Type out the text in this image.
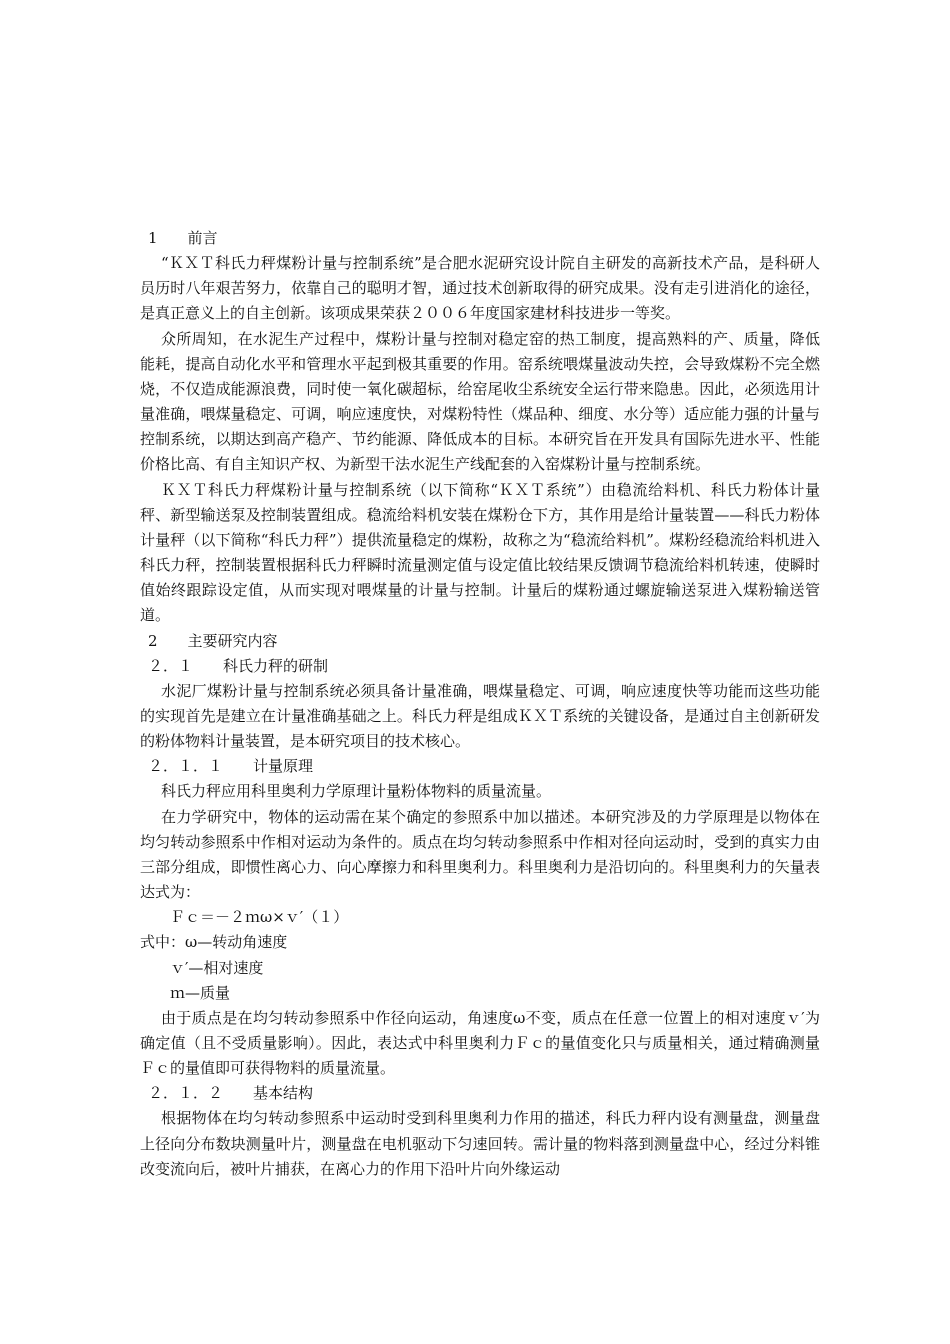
1　　前言

“ＫＸＴ科氏力秤煤粉计量与控制系统”是合肥水泥研究设计院自主研发的高新技术产品，是科研人员历时八年艰苦努力，依靠自己的聪明才智，通过技术创新取得的研究成果。没有走引进消化的途径，是真正意义上的自主创新。该项成果荣获２００６年度国家建材科技进步一等奖。

众所周知，在水泥生产过程中，煤粉计量与控制对稳定窑的热工制度，提高熟料的产、质量，降低能耗，提高自动化水平和管理水平起到极其重要的作用。窑系统喂煤量波动失控，会导致煤粉不完全燃烧，不仅造成能源浪费，同时使一氧化碳超标，给窑尾收尘系统安全运行带来隐患。因此，必须选用计量准确，喂煤量稳定、可调，响应速度快，对煤粉特性（煤品种、细度、水分等）适应能力强的计量与控制系统，以期达到高产稳产、节约能源、降低成本的目标。本研究旨在开发具有国际先进水平、性能价格比高、有自主知识产权、为新型干法水泥生产线配套的入窑煤粉计量与控制系统。

ＫＸＴ科氏力秤煤粉计量与控制系统（以下简称“ＫＸＴ系统”）由稳流给料机、科氏力粉体计量秤、新型输送泵及控制装置组成。稳流给料机安装在煤粉仓下方，其作用是给计量装置——科氏力粉体计量秤（以下简称“科氏力秤”）提供流量稳定的煤粉，故称之为“稳流给料机”。煤粉经稳流给料机进入科氏力秤，控制装置根据科氏力秤瞬时流量测定值与设定值比较结果反馈调节稳流给料机转速，使瞬时值始终跟踪设定值，从而实现对喂煤量的计量与控制。计量后的煤粉通过螺旋输送泵进入煤粉输送管道。

2　　主要研究内容

２．１　　科氏力秤的研制

水泥厂煤粉计量与控制系统必须具备计量准确，喂煤量稳定、可调，响应速度快等功能而这些功能的实现首先是建立在计量准确基础之上。科氏力秤是组成ＫＸＴ系统的关键设备，是通过自主创新研发的粉体物料计量装置，是本研究项目的技术核心。

２．１．１　　计量原理

科氏力秤应用科里奥利力学原理计量粉体物料的质量流量。

在力学研究中，物体的运动需在某个确定的参照系中加以描述。本研究涉及的力学原理是以物体在均匀转动参照系中作相对运动为条件的。质点在均匀转动参照系中作相对径向运动时，受到的真实力由三部分组成，即惯性离心力、向心摩擦力和科里奥利力。科里奥利力是沿切向的。科里奥利力的矢量表达式为：

Ｆｃ＝－２ｍω×ｖ′（１）

式中：ω—转动角速度

ｖ′—相对速度

ｍ—质量

由于质点是在均匀转动参照系中作径向运动，角速度ω不变，质点在任意一位置上的相对速度ｖ′为确定值（且不受质量影响）。因此，表达式中科里奥利力Ｆｃ的量值变化只与质量相关，通过精确测量Ｆｃ的量值即可获得物料的质量流量。

２．１．２　　基本结构

根据物体在均匀转动参照系中运动时受到科里奥利力作用的描述，科氏力秤内设有测量盘，测量盘上径向分布数块测量叶片，测量盘在电机驱动下匀速回转。需计量的物料落到测量盘中心，经过分料锥改变流向后，被叶片捕获，在离心力的作用下沿叶片向外缘运动
